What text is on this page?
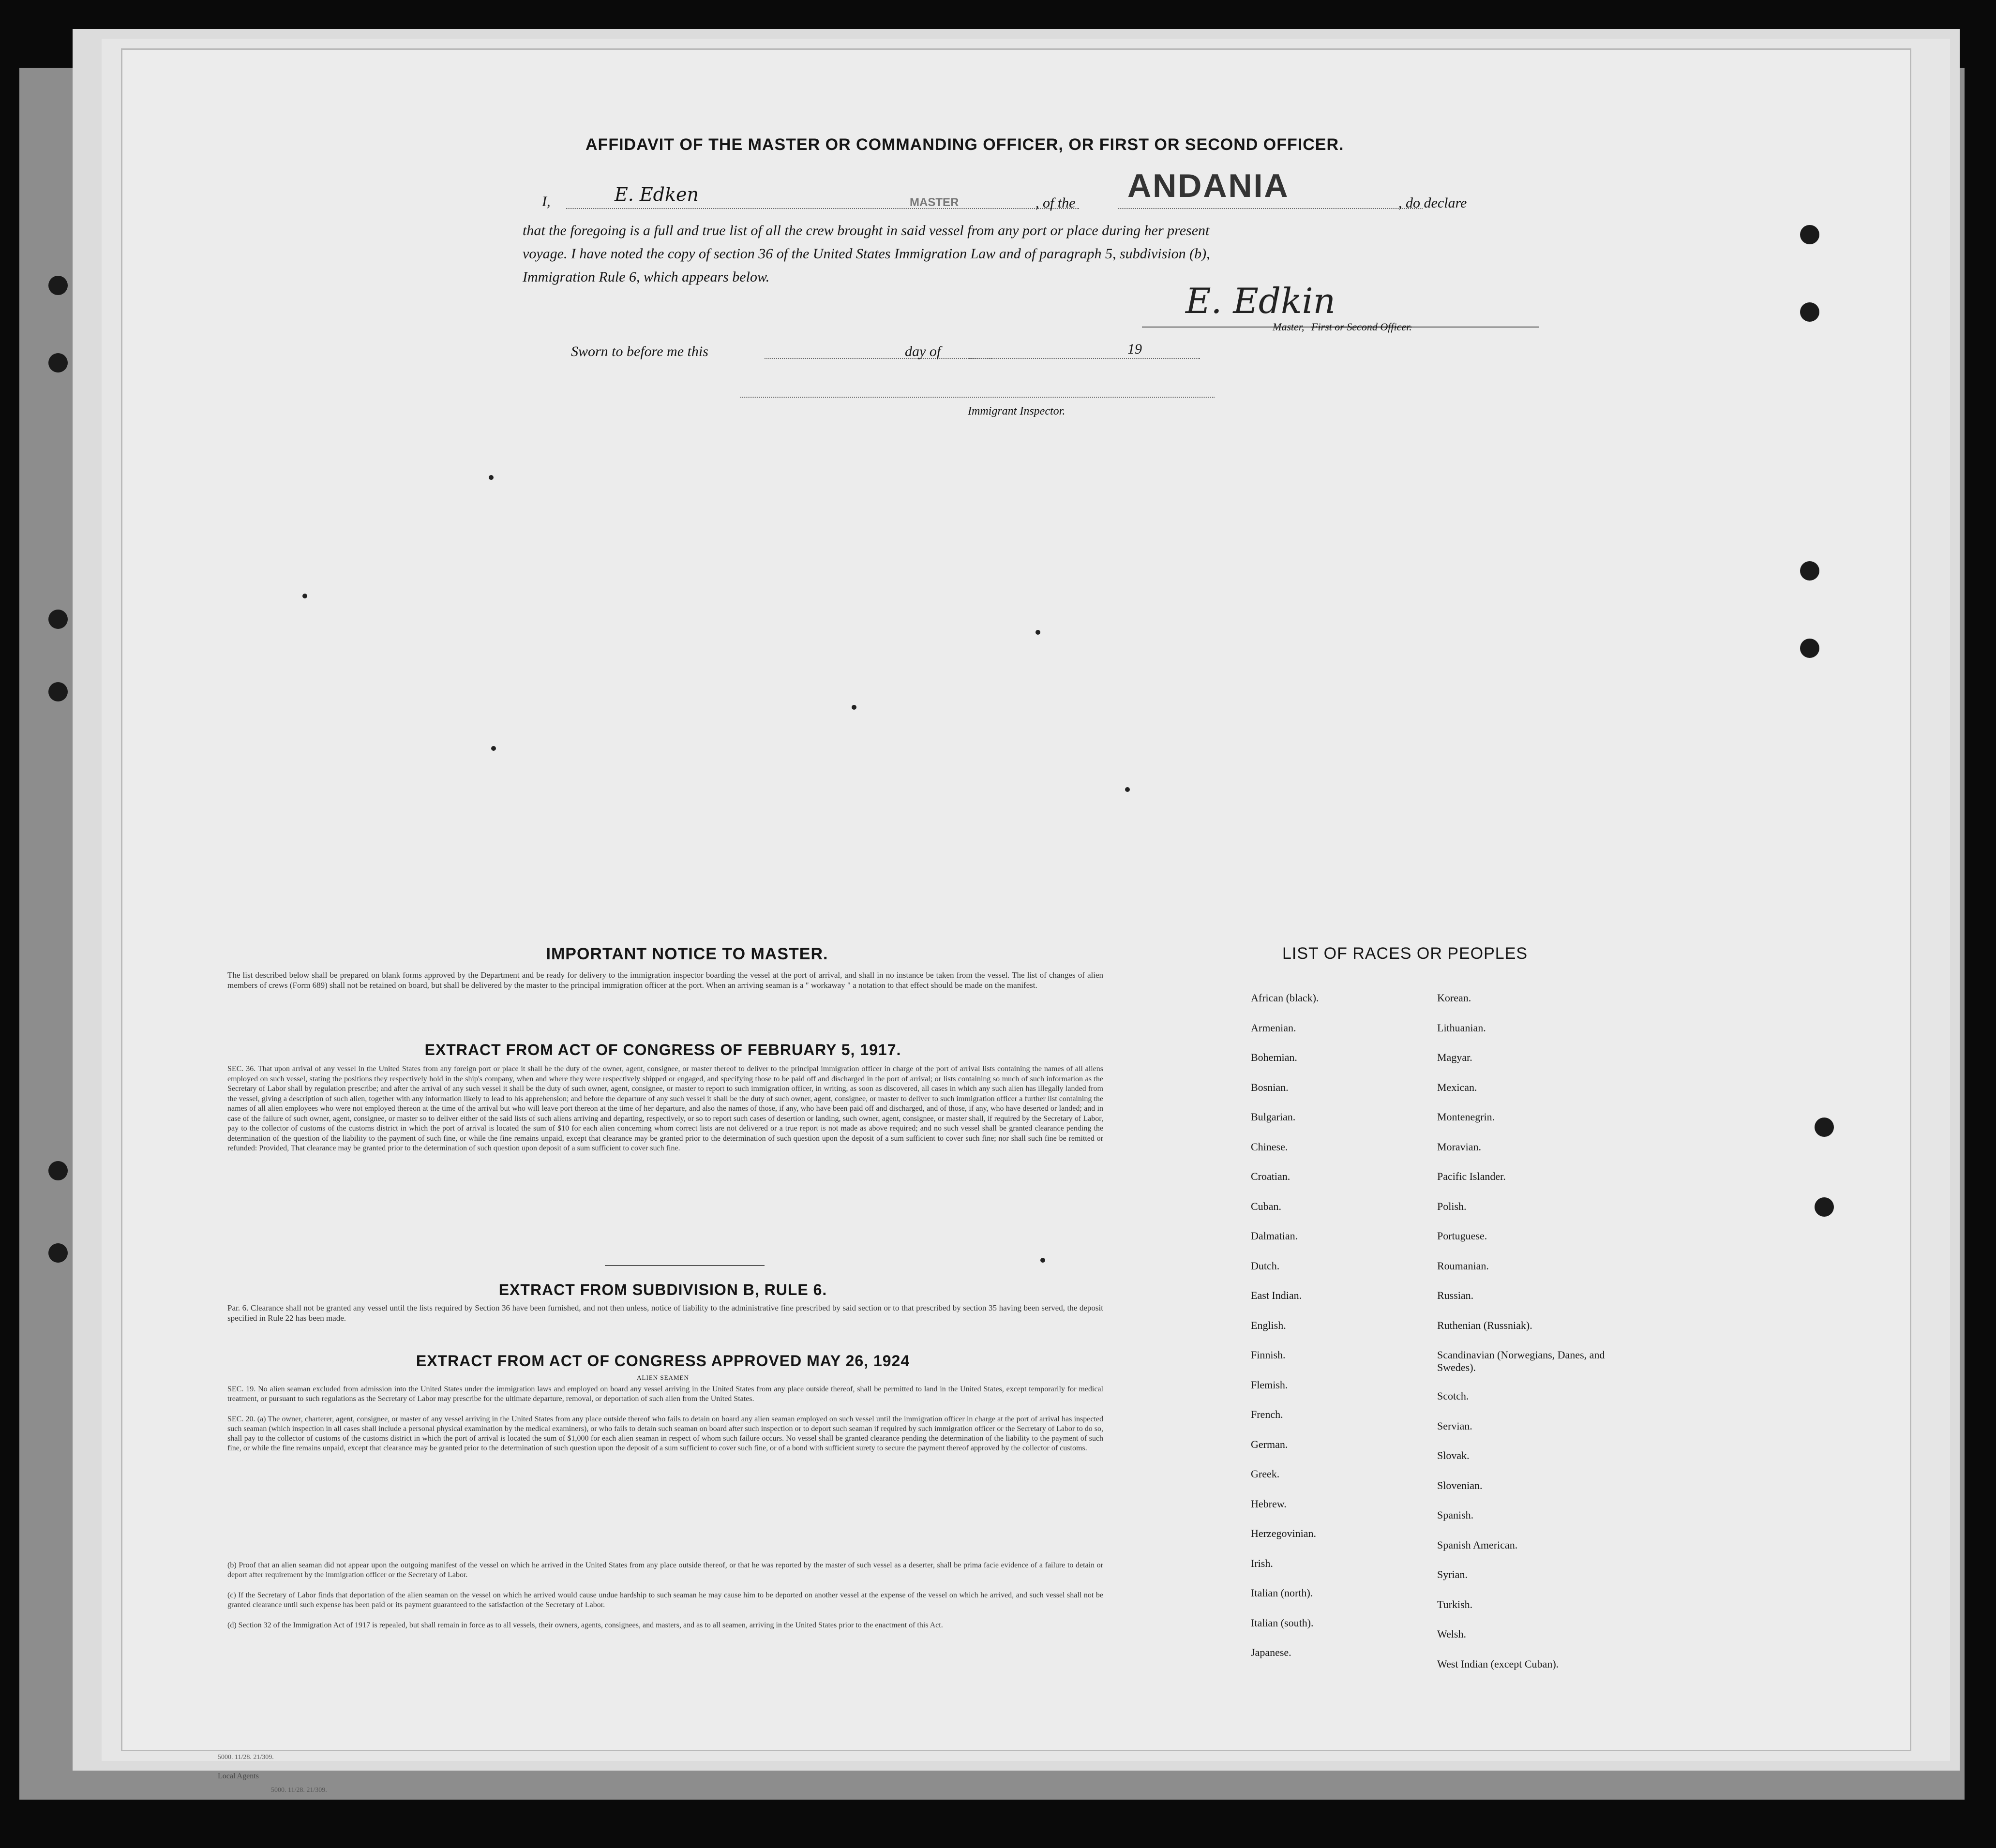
AFFIDAVIT OF THE MASTER OR COMMANDING OFFICER, OR FIRST OR SECOND OFFICER.
I,	E. Edken	MASTER	, of the ANDANIA	, do declare
that the foregoing is a full and true list of all the crew brought in said vessel from any port or place during her present
voyage. I have noted the copy of section 36 of the United States Immigration Law and of paragraph 5, subdivision (b),
Immigration Rule 6, which appears below.
E. Edkin
Master, First or Second Officer.
Sworn to before me this	day of	19
Immigrant Inspector.
IMPORTANT NOTICE TO MASTER.
The list described below shall be prepared on blank forms approved by the Department and be ready for delivery to the immigration inspector boarding the vessel at the port of arrival, and shall in no instance be taken from the vessel. The list of changes of alien members of crews (Form 689) shall not be retained on board, but shall be delivered by the master to the principal immigration officer at the port. When an arriving seaman is a " workaway " a notation to that effect should be made on the manifest.
EXTRACT FROM ACT OF CONGRESS OF FEBRUARY 5, 1917.
SEC. 36. That upon arrival of any vessel in the United States from any foreign port or place it shall be the duty of the owner, agent, consignee, or master thereof to deliver to the principal immigration officer in charge of the port of arrival lists containing the names of all aliens employed on such vessel, stating the positions they respectively hold in the ship's company, when and where they were respectively shipped or engaged, and specifying those to be paid off and discharged in the port of arrival; or lists containing so much of such information as the Secretary of Labor shall by regulation prescribe; and after the arrival of any such vessel it shall be the duty of such owner, agent, consignee, or master to report to such immigration officer, in writing, as soon as discovered, all cases in which any such alien has illegally landed from the vessel, giving a description of such alien, together with any information likely to lead to his apprehension; and before the departure of any such vessel it shall be the duty of such owner, agent, consignee, or master to deliver to such immigration officer a further list containing the names of all alien employees who were not employed thereon at the time of the arrival but who will leave port thereon at the time of her departure, and also the names of those, if any, who have been paid off and discharged, and of those, if any, who have deserted or landed; and in case of the failure of such owner, agent, consignee, or master so to deliver either of the said lists of such aliens arriving and departing, respectively, or so to report such cases of desertion or landing, such owner, agent, consignee, or master shall, if required by the Secretary of Labor, pay to the collector of customs of the customs district in which the port of arrival is located the sum of $10 for each alien concerning whom correct lists are not delivered or a true report is not made as above required; and no such vessel shall be granted clearance pending the determination of the question of the liability to the payment of such fine, or while the fine remains unpaid, except that clearance may be granted prior to the determination of such question upon the deposit of a sum sufficient to cover such fine; nor shall such fine be remitted or refunded: Provided, That clearance may be granted prior to the determination of such question upon deposit of a sum sufficient to cover such fine.
EXTRACT FROM SUBDIVISION B, RULE 6.
Par. 6. Clearance shall not be granted any vessel until the lists required by Section 36 have been furnished, and not then unless, notice of liability to the administrative fine prescribed by said section or to that prescribed by section 35 having been served, the deposit specified in Rule 22 has been made.
EXTRACT FROM ACT OF CONGRESS APPROVED MAY 26, 1924
ALIEN SEAMEN
SEC. 19. No alien seaman excluded from admission into the United States under the immigration laws and employed on board any vessel arriving in the United States from any place outside thereof, shall be permitted to land in the United States, except temporarily for medical treatment, or pursuant to such regulations as the Secretary of Labor may prescribe for the ultimate departure, removal, or deportation of such alien from the United States.
SEC. 20. (a) The owner, charterer, agent, consignee, or master of any vessel arriving in the United States from any place outside thereof who fails to detain on board any alien seaman employed on such vessel until the immigration officer in charge at the port of arrival has inspected such seaman (which inspection in all cases shall include a personal physical examination by the medical examiners), or who fails to detain such seaman on board after such inspection or to deport such seaman if required by such immigration officer or the Secretary of Labor to do so, shall pay to the collector of customs of the customs district in which the port of arrival is located the sum of $1,000 for each alien seaman in respect of whom such failure occurs. No vessel shall be granted clearance pending the determination of the liability to the payment of such fine, or while the fine remains unpaid, except that clearance may be granted prior to the determination of such question upon the deposit of a sum sufficient to cover such fine, or of a bond with sufficient surety to secure the payment thereof approved by the collector of customs.
(b) Proof that an alien seaman did not appear upon the outgoing manifest of the vessel on which he arrived in the United States from any place outside thereof, or that he was reported by the master of such vessel as a deserter, shall be prima facie evidence of a failure to detain or deport after requirement by the immigration officer or the Secretary of Labor.
(c) If the Secretary of Labor finds that deportation of the alien seaman on the vessel on which he arrived would cause undue hardship to such seaman he may cause him to be deported on another vessel at the expense of the vessel on which he arrived, and such vessel shall not be granted clearance until such expense has been paid or its payment guaranteed to the satisfaction of the Secretary of Labor.
(d) Section 32 of the Immigration Act of 1917 is repealed, but shall remain in force as to all vessels, their owners, agents, consignees, and masters, and as to all seamen, arriving in the United States prior to the enactment of this Act.
LIST OF RACES OR PEOPLES
African (black).
Armenian.
Bohemian.
Bosnian.
Bulgarian.
Chinese.
Croatian.
Cuban.
Dalmatian.
Dutch.
East Indian.
English.
Finnish.
Flemish.
French.
German.
Greek.
Hebrew.
Herzegovinian.
Irish.
Italian (north).
Italian (south).
Japanese.
Korean.
Lithuanian.
Magyar.
Mexican.
Montenegrin.
Moravian.
Pacific Islander.
Polish.
Portuguese.
Roumanian.
Russian.
Ruthenian (Russniak).
Scandinavian (Norwegians, Danes, and Swedes).
Scotch.
Servian.
Slovak.
Slovenian.
Spanish.
Spanish American.
Syrian.
Turkish.
Welsh.
West Indian (except Cuban).
5000. 11/28. 21/309.
Local Agents
5000. 11/28. 21/309.
